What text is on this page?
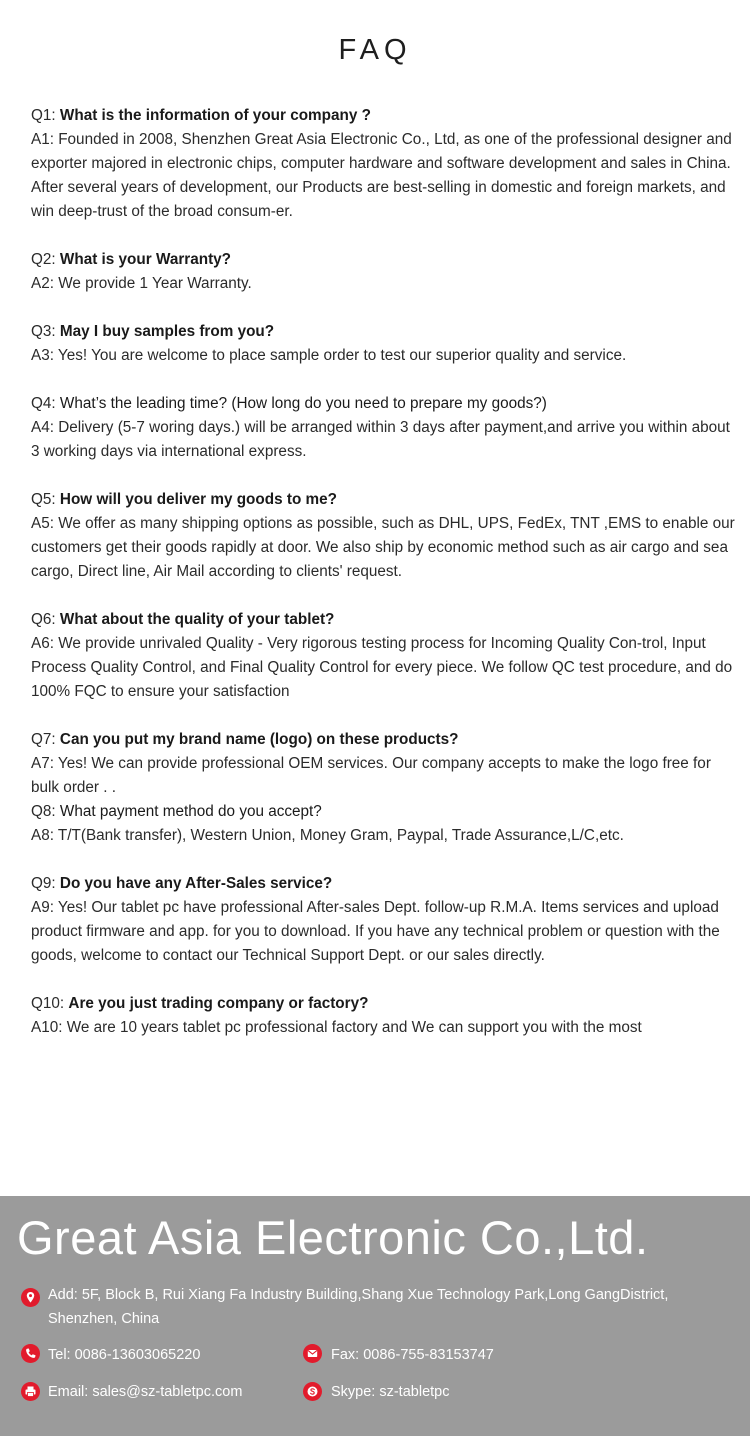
FAQ
Q1: What is the information of your company ?
A1: Founded in 2008, Shenzhen Great Asia Electronic Co., Ltd, as one of the professional designer and exporter majored in electronic chips, computer hardware and software development and sales in China. After several years of development, our Products are best-selling in domestic and foreign markets, and win deep-trust of the broad consum-er.
Q2: What is your Warranty?
A2: We provide 1 Year Warranty.
Q3: May I buy samples from you?
A3: Yes! You are welcome to place sample order to test our superior quality and service.
Q4: What’s the leading time? (How long do you need to prepare my goods?)
A4: Delivery (5-7 woring days.) will be arranged within 3 days after payment,and arrive you within about 3 working days via international express.
Q5: How will you deliver my goods to me?
A5: We offer as many shipping options as possible, such as DHL, UPS, FedEx, TNT ,EMS to enable our customers get their goods rapidly at door. We also ship by economic method such as air cargo and sea cargo, Direct line, Air Mail according to clients' request.
Q6: What about the quality of your tablet?
A6: We provide unrivaled Quality - Very rigorous testing process for Incoming Quality Con-trol, Input Process Quality Control, and Final Quality Control for every piece. We follow QC test procedure, and do 100% FQC to ensure your satisfaction
Q7: Can you put my brand name (logo) on these products?
A7: Yes! We can provide professional OEM services. Our company accepts to make the logo free for bulk order . .
Q8: What payment method do you accept?
A8: T/T(Bank transfer), Western Union, Money Gram, Paypal, Trade Assurance,L/C,etc.
Q9: Do you have any After-Sales service?
A9: Yes! Our tablet pc have professional After-sales Dept. follow-up R.M.A. Items services and upload product firmware and app. for you to download. If you have any technical problem or question with the goods, welcome to contact our Technical Support Dept. or our sales directly.
Q10: Are you just trading company or factory?
A10: We are 10 years tablet pc professional factory and We can support you with the most
Great Asia Electronic Co.,Ltd.
Add: 5F, Block B, Rui Xiang Fa Industry Building,Shang Xue Technology Park,Long GangDistrict, Shenzhen, China
Tel: 0086-13603065220	Fax: 0086-755-83153747
Email: sales@sz-tabletpc.com	Skype: sz-tabletpc
